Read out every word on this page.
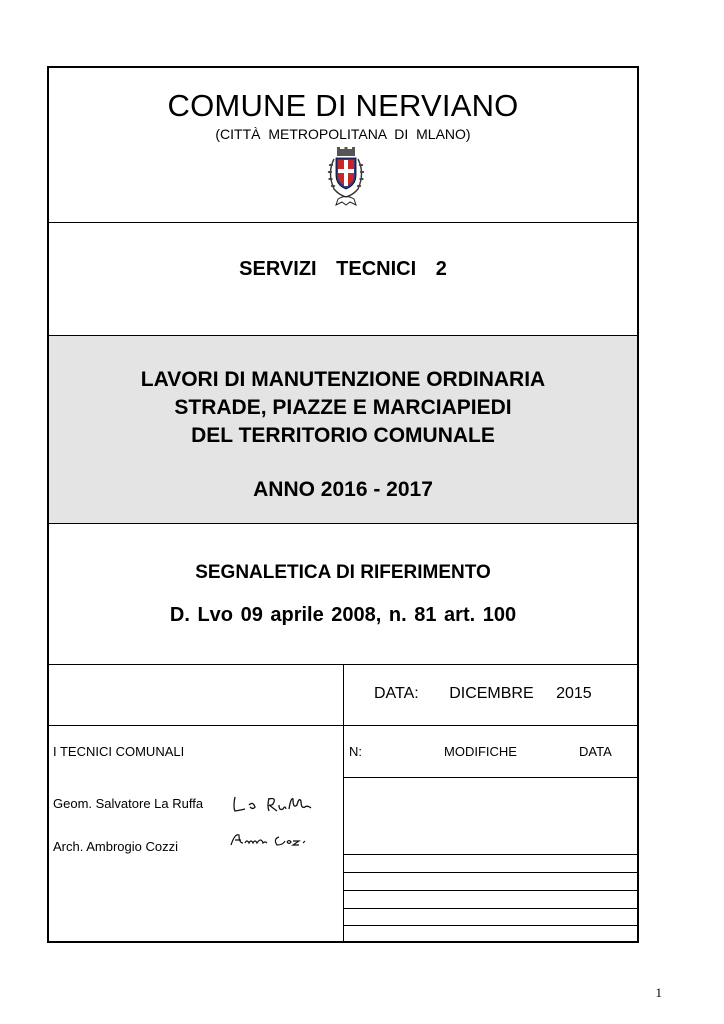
COMUNE DI NERVIANO
(CITTÀ METROPOLITANA DI MLANO)
SERVIZI TECNICI 2
LAVORI DI MANUTENZIONE ORDINARIA
STRADE, PIAZZE E MARCIAPIEDI
DEL TERRITORIO COMUNALE
ANNO 2016 - 2017
SEGNALETICA DI RIFERIMENTO
D. Lvo 09 aprile 2008, n. 81 art. 100
DATA: DICEMBRE 2015
I TECNICI COMUNALI
Geom. Salvatore La Ruffa
Arch. Ambrogio Cozzi
N:	MODIFICHE	DATA
1
